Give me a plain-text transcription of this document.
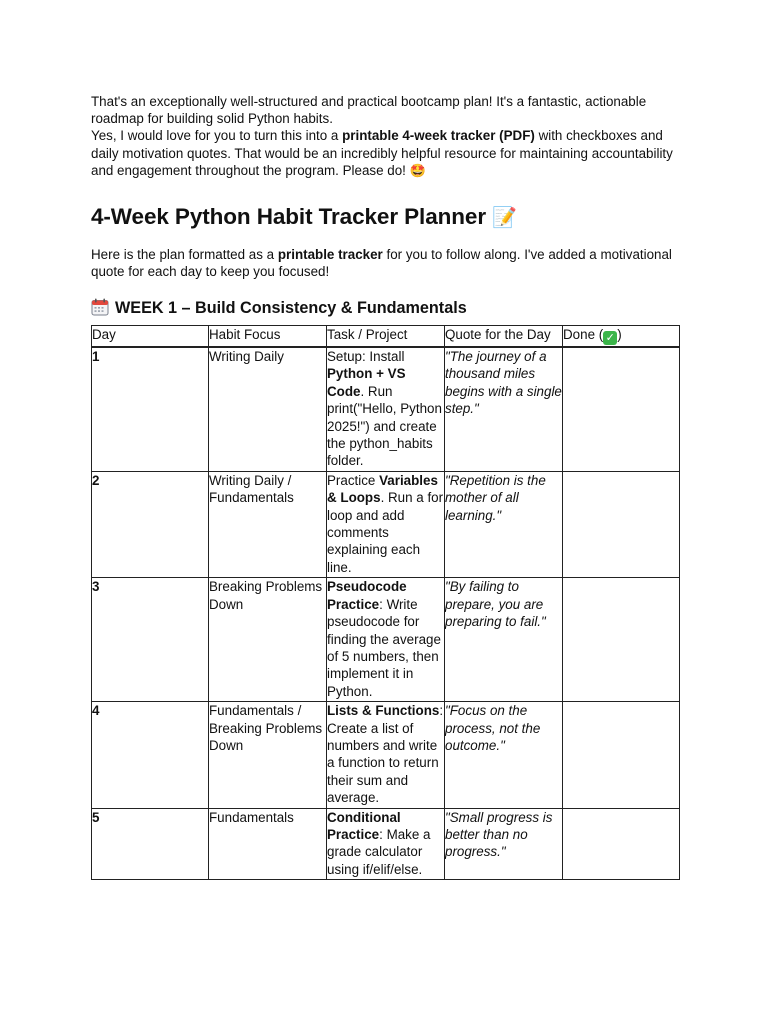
That's an exceptionally well-structured and practical bootcamp plan! It's a fantastic, actionable roadmap for building solid Python habits.

Yes, I would love for you to turn this into a printable 4-week tracker (PDF) with checkboxes and daily motivation quotes. That would be an incredibly helpful resource for maintaining accountability and engagement throughout the program. Please do! 🤩

4-Week Python Habit Tracker Planner 📝

Here is the plan formatted as a printable tracker for you to follow along. I've added a motivational quote for each day to keep you focused!

WEEK 1 – Build Consistency & Fundamentals
Day	Habit Focus	Task / Project	Quote for the Day	Done ( ✓ )
1	Writing Daily	Setup: Install Python + VS Code. Run print("Hello, Python 2025!") and create the python_habits folder.	"The journey of a thousand miles begins with a single step."	
2	Writing Daily / Fundamentals	Practice Variables & Loops. Run a for loop and add comments explaining each line.	"Repetition is the mother of all learning."	
3	Breaking Problems Down	Pseudocode Practice: Write pseudocode for finding the average of 5 numbers, then implement it in Python.	"By failing to prepare, you are preparing to fail."	
4	Fundamentals / Breaking Problems Down	Lists & Functions: Create a list of numbers and write a function to return their sum and average.	"Focus on the process, not the outcome."	
5	Fundamentals	Conditional Practice: Make a grade calculator using if/elif/else.	"Small progress is better than no progress."	
